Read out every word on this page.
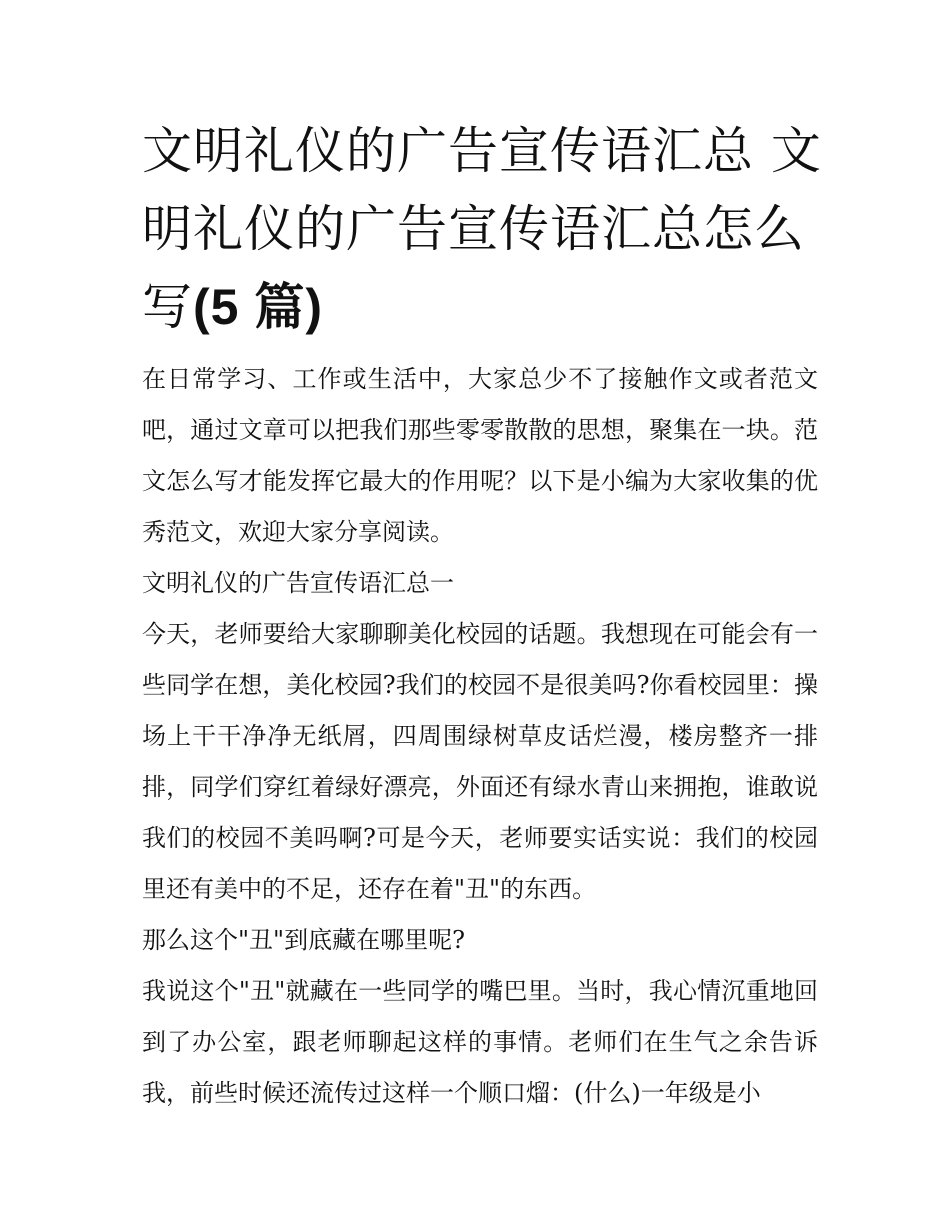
文明礼仪的广告宣传语汇总 文明礼仪的广告宣传语汇总怎么写(5 篇)

在日常学习、工作或生活中，大家总少不了接触作文或者范文吧，通过文章可以把我们那些零零散散的思想，聚集在一块。范文怎么写才能发挥它最大的作用呢？以下是小编为大家收集的优秀范文，欢迎大家分享阅读。

文明礼仪的广告宣传语汇总一

今天，老师要给大家聊聊美化校园的话题。我想现在可能会有一些同学在想，美化校园?我们的校园不是很美吗?你看校园里：操场上干干净净无纸屑，四周围绿树草皮话烂漫，楼房整齐一排排，同学们穿红着绿好漂亮，外面还有绿水青山来拥抱，谁敢说我们的校园不美吗啊?可是今天，老师要实话实说：我们的校园里还有美中的不足，还存在着"丑"的东西。

那么这个"丑"到底藏在哪里呢?

我说这个"丑"就藏在一些同学的嘴巴里。当时，我心情沉重地回到了办公室，跟老师聊起这样的事情。老师们在生气之余告诉我，前些时候还流传过这样一个顺口熘：(什么)一年级是小
